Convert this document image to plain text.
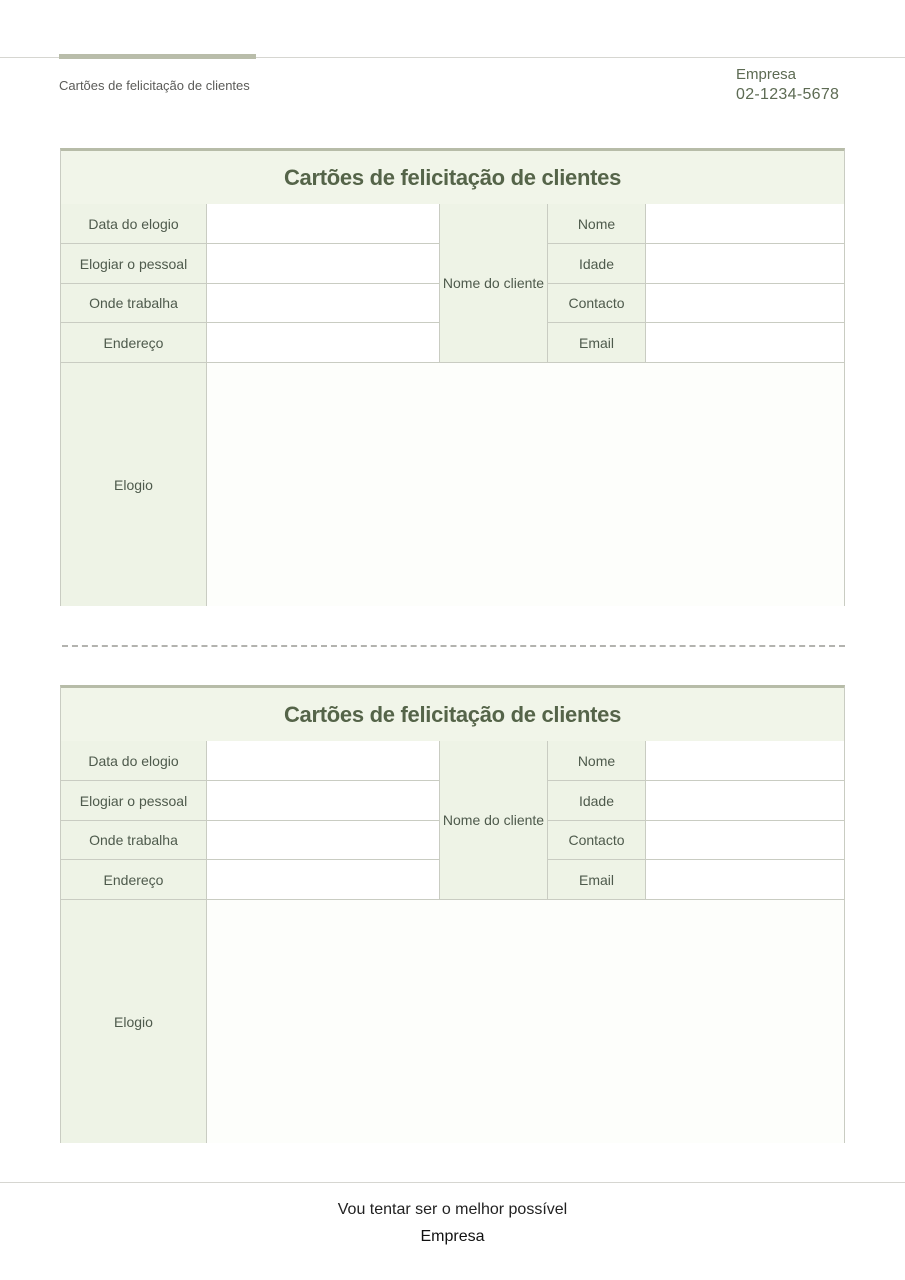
Cartões de felicitação de clientes
Empresa
02-1234-5678
Cartões de felicitação de clientes
Data do elogio
Elogiar o pessoal
Onde trabalha
Endereço
Nome do cliente
Nome
Idade
Contacto
Email
Elogio
Cartões de felicitação de clientes
Data do elogio
Elogiar o pessoal
Onde trabalha
Endereço
Nome do cliente
Nome
Idade
Contacto
Email
Elogio
Vou tentar ser o melhor possível
Empresa
